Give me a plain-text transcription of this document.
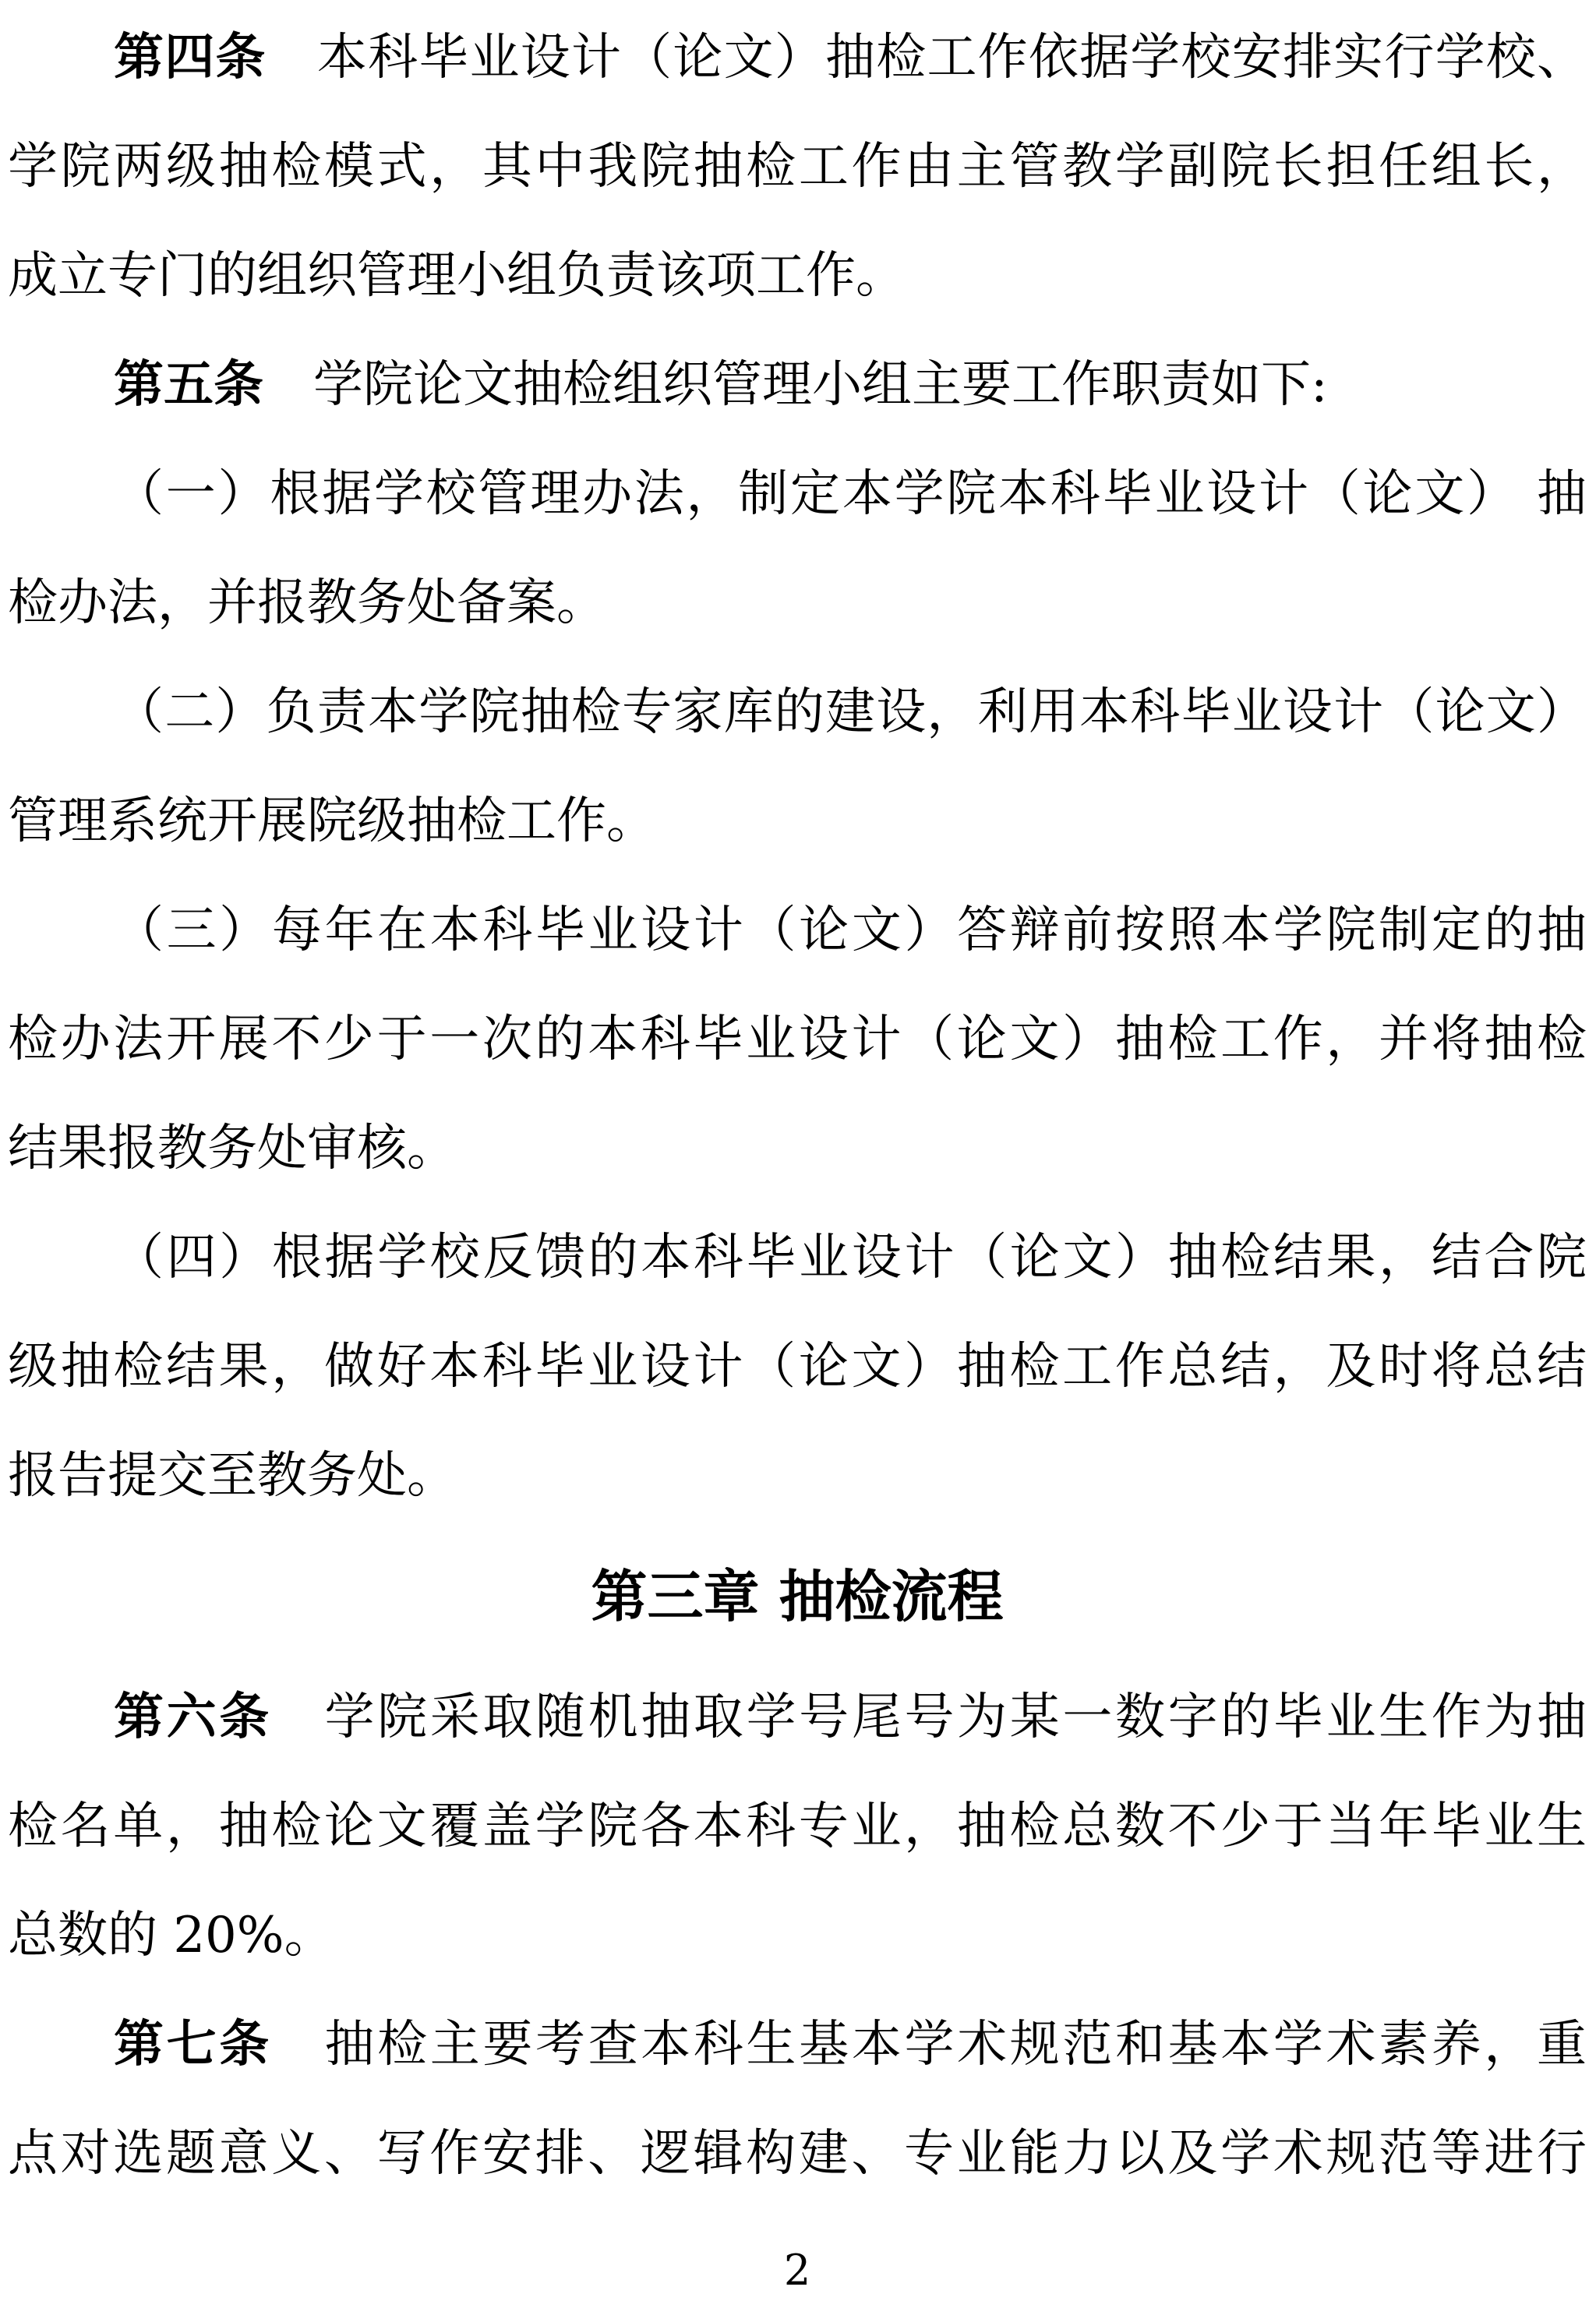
第四条　本科毕业设计（论文）抽检工作依据学校安排实行学校、
学院两级抽检模式，其中我院抽检工作由主管教学副院长担任组长，
成立专门的组织管理小组负责该项工作。
第五条　学院论文抽检组织管理小组主要工作职责如下:
（一）根据学校管理办法，制定本学院本科毕业设计（论文） 抽
检办法，并报教务处备案。
（二）负责本学院抽检专家库的建设，利用本科毕业设计（论文）
管理系统开展院级抽检工作。
（三）每年在本科毕业设计（论文）答辩前按照本学院制定的抽
检办法开展不少于一次的本科毕业设计（论文）抽检工作，并将抽检
结果报教务处审核。
（四）根据学校反馈的本科毕业设计（论文）抽检结果，结合院
级抽检结果，做好本科毕业设计（论文）抽检工作总结，及时将总结
报告提交至教务处。
第三章 抽检流程
第六条　学院采取随机抽取学号尾号为某一数字的毕业生作为抽
检名单，抽检论文覆盖学院各本科专业，抽检总数不少于当年毕业生
总数的 20%。
第七条　抽检主要考查本科生基本学术规范和基本学术素养，重
点对选题意义、写作安排、逻辑构建、专业能力以及学术规范等进行
2
